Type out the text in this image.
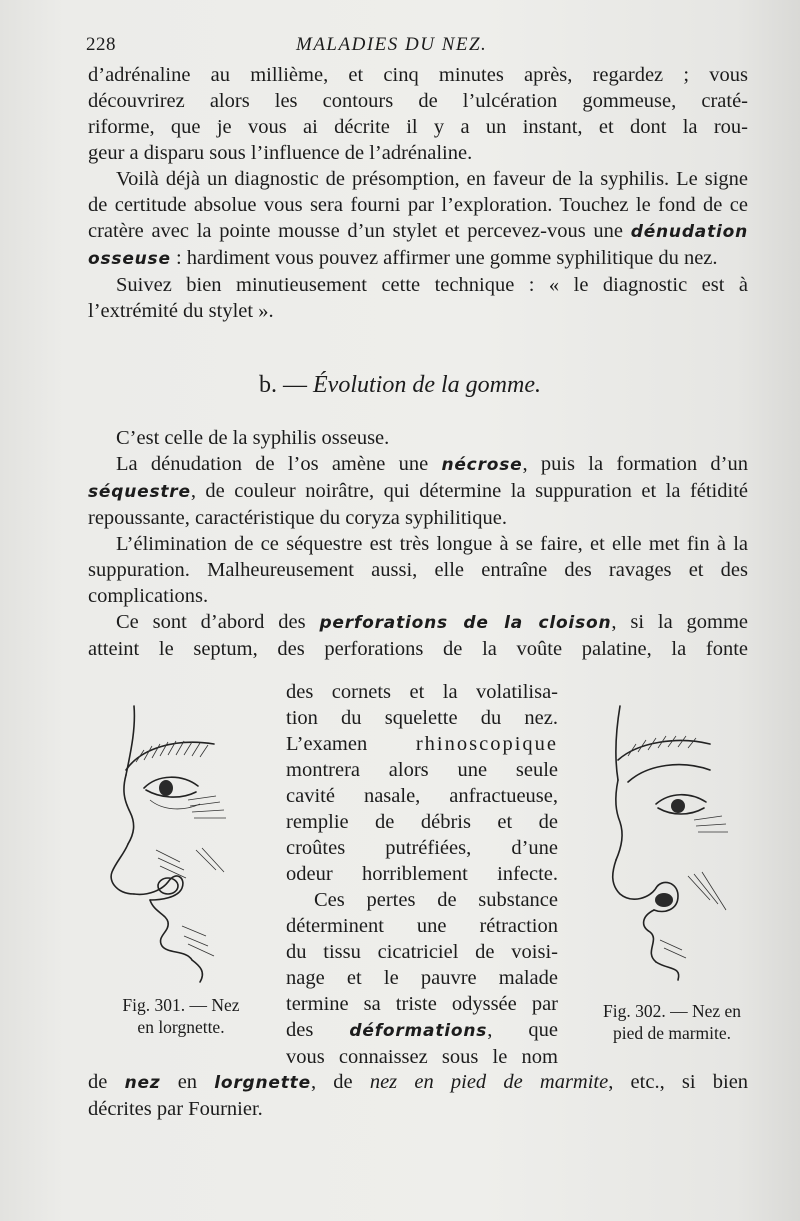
228	MALADIES DU NEZ.

d’adrénaline au millième, et cinq minutes après, regardez ; vous

découvrirez alors les contours de l’ulcération gommeuse, craté-

riforme, que je vous ai décrite il y a un instant, et dont la rou-

geur a disparu sous l’influence de l’adrénaline.

Voilà déjà un diagnostic de présomption, en faveur de la syphilis. Le signe de certitude absolue vous sera fourni par l’exploration. Touchez le fond de ce cratère avec la pointe mousse d’un stylet et percevez-vous une dénudation osseuse : hardiment vous pouvez affirmer une gomme syphilitique du nez.

Suivez bien minutieusement cette technique : « le diagnostic est à l’extrémité du stylet ».

b. — Évolution de la gomme.

C’est celle de la syphilis osseuse.

La dénudation de l’os amène une nécrose, puis la formation d’un séquestre, de couleur noirâtre, qui détermine la suppuration et la fétidité repoussante, caractéristique du coryza syphilitique.

L’élimination de ce séquestre est très longue à se faire, et elle met fin à la suppuration. Malheureusement aussi, elle entraîne des ravages et des complications.

Ce sont d’abord des perforations de la cloison, si la gomme

atteint le septum, des perforations de la voûte palatine, la fonte

des cornets et la volatilisa-
tion du squelette du nez.
L’examen rhinoscopique
montrera alors une seule
cavité nasale, anfractueuse,
remplie de débris et de
croûtes putréfiées, d’une
odeur horriblement infecte.
Ces pertes de substance
déterminent une rétraction
du tissu cicatriciel de voisi-
nage et le pauvre malade
termine sa triste odyssée par
des déformations, que
vous connaissez sous le nom

de nez en lorgnette, de nez en pied de marmite, etc., si bien

décrites par Fournier.

Fig. 301. — Nez
en lorgnette.
Fig. 302. — Nez en
pied de marmite.
